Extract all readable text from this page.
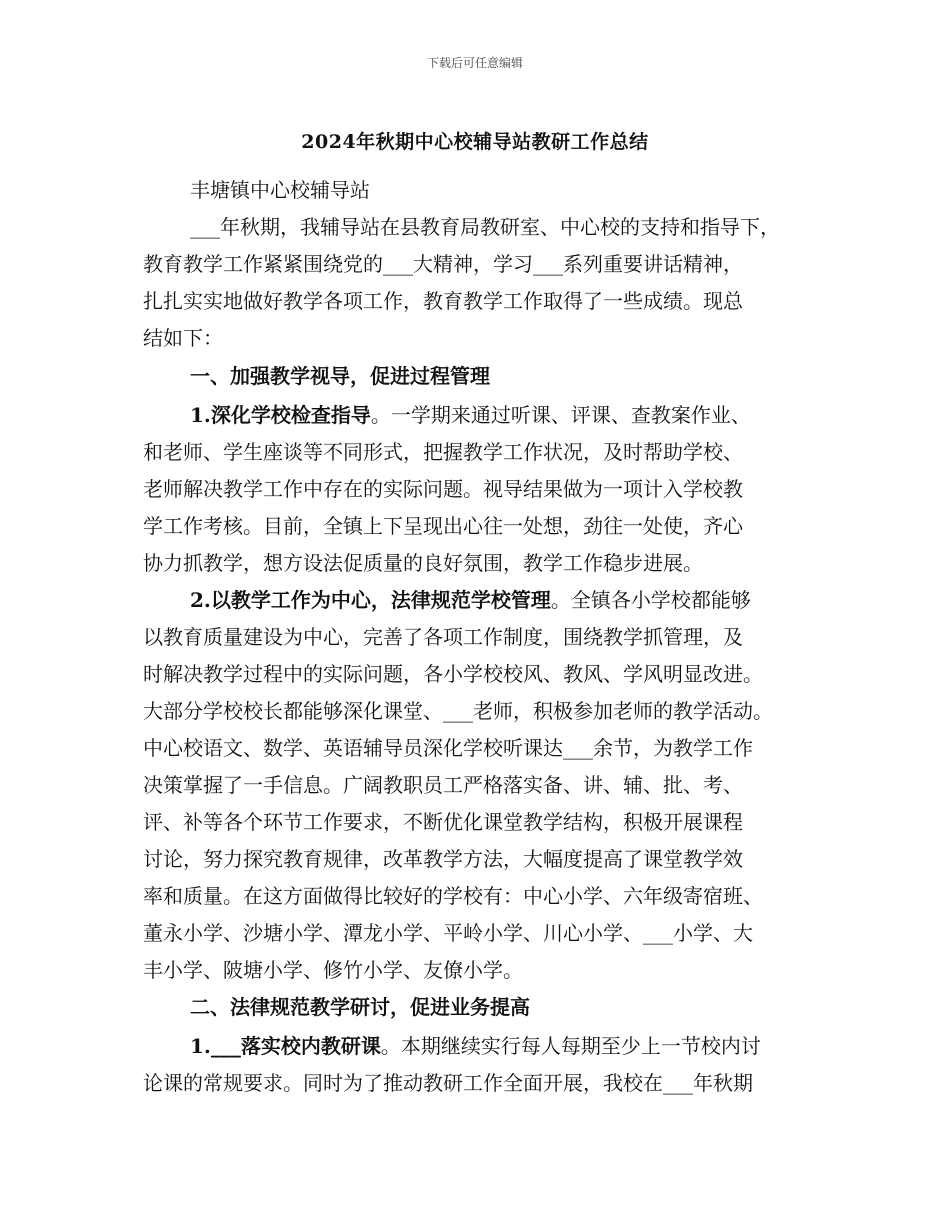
下载后可任意编辑
2024年秋期中心校辅导站教研工作总结
丰塘镇中心校辅导站
___年秋期，我辅导站在县教育局教研室、中心校的支持和指导下，
教育教学工作紧紧围绕党的___大精神，学习___系列重要讲话精神，
扎扎实实地做好教学各项工作，教育教学工作取得了一些成绩。现总
结如下：
一、加强教学视导，促进过程管理
1.深化学校检查指导。一学期来通过听课、评课、查教案作业、
和老师、学生座谈等不同形式，把握教学工作状况，及时帮助学校、
老师解决教学工作中存在的实际问题。视导结果做为一项计入学校教
学工作考核。目前，全镇上下呈现出心往一处想，劲往一处使，齐心
协力抓教学，想方设法促质量的良好氛围，教学工作稳步进展。
2.以教学工作为中心，法律规范学校管理。全镇各小学校都能够
以教育质量建设为中心，完善了各项工作制度，围绕教学抓管理，及
时解决教学过程中的实际问题，各小学校校风、教风、学风明显改进。
大部分学校校长都能够深化课堂、___老师，积极参加老师的教学活动。
中心校语文、数学、英语辅导员深化学校听课达___余节，为教学工作
决策掌握了一手信息。广阔教职员工严格落实备、讲、辅、批、考、
评、补等各个环节工作要求，不断优化课堂教学结构，积极开展课程
讨论，努力探究教育规律，改革教学方法，大幅度提高了课堂教学效
率和质量。在这方面做得比较好的学校有：中心小学、六年级寄宿班、
董永小学、沙塘小学、潭龙小学、平岭小学、川心小学、___小学、大
丰小学、陂塘小学、修竹小学、友僚小学。
二、法律规范教学研讨，促进业务提高
1.___落实校内教研课。本期继续实行每人每期至少上一节校内讨
论课的常规要求。同时为了推动教研工作全面开展，我校在___年秋期
